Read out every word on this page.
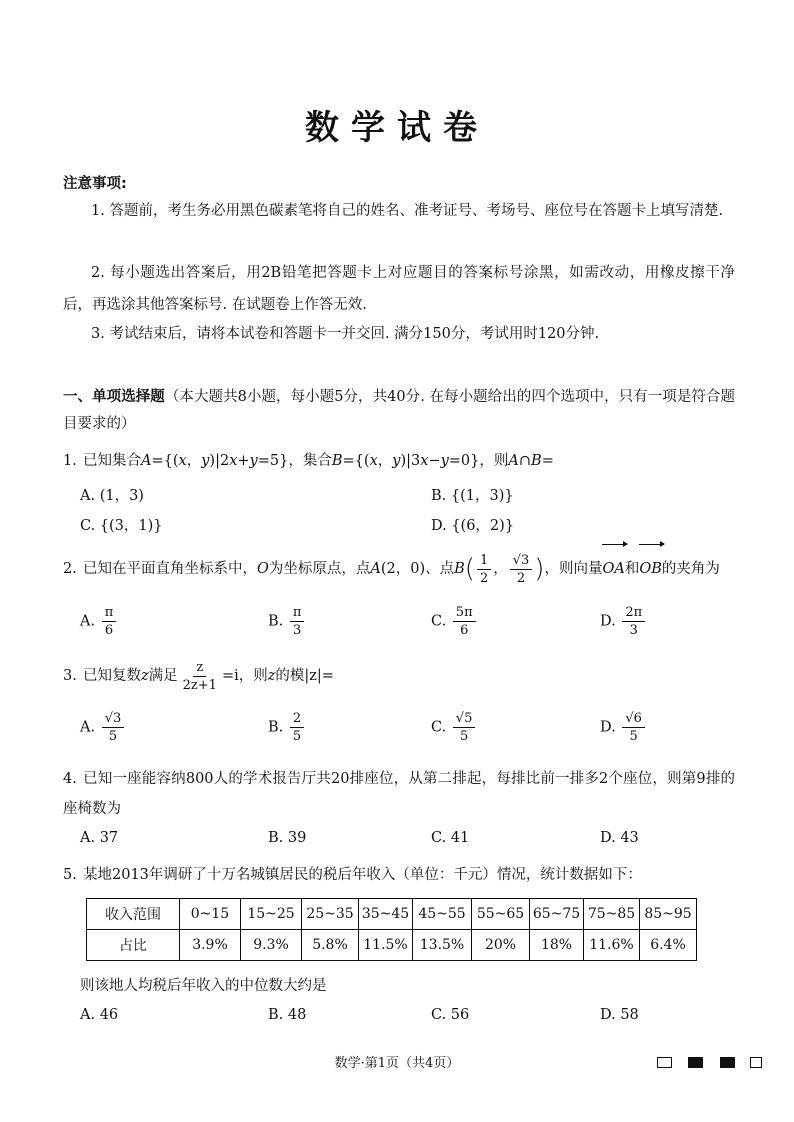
数学试卷
注意事项:
1. 答题前，考生务必用黑色碳素笔将自己的姓名、准考证号、考场号、座位号在答题卡上填写清楚.
2. 每小题选出答案后，用2B铅笔把答题卡上对应题目的答案标号涂黑，如需改动，用橡皮擦干净后，再选涂其他答案标号. 在试题卷上作答无效.
3. 考试结束后，请将本试卷和答题卡一并交回. 满分150分，考试用时120分钟.
一、单项选择题（本大题共8小题，每小题5分，共40分. 在每小题给出的四个选项中，只有一项是符合题目要求的）
1. 已知集合A={(x，y)|2x+y=5}，集合B={(x，y)|3x−y=0}，则A∩B=
A. (1，3)	B. {(1，3)}
C. {(3，1)}	D. {(6，2)}
2. 已知在平面直角坐标系中，O为坐标原点，点A(2，0)、点$B( \frac{1}{2}$ ， $\frac{√3}{2}$ )，则向量OA和OB的夹角为
A. $\frac{\pi}{6}$	B. $\frac{\pi}{3}$	C. $\frac{5\pi}{6}$	D. $\frac{2\pi}{3}$
3. 已知复数z满足 $\frac{z}{2z+1} =i$，则z的模|z|=
A. $\frac{√3}{5}$	B. $\frac{2}{5}$	C. $\frac{√5}{5}$	D. $\frac{√6}{5}$
4. 已知一座能容纳800人的学术报告厅共20排座位，从第二排起，每排比前一排多2个座位，则第9排的座椅数为
A. 37	B. 39	C. 41	D. 43
5. 某地2013年调研了十万名城镇居民的税后年收入（单位：千元）情况，统计数据如下：
收入范围	0~15	15~25	25~35	35~45	45~55	55~65	65~75	75~85	85~95
占比	3.9%	9.3%	5.8%	11.5%	13.5%	20%	18%	11.6%	6.4%
则该地人均税后年收入的中位数大约是
A. 46	B. 48	C. 56	D. 58
数学·第1页（共4页）
